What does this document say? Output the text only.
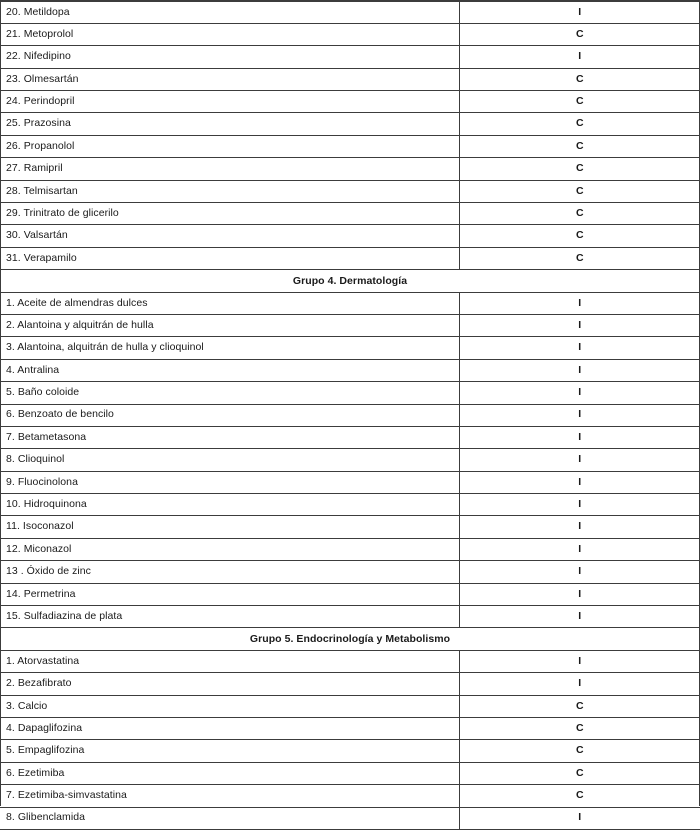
20. Metildopa	I
21. Metoprolol	C
22. Nifedipino	I
23. Olmesartán	C
24. Perindopril	C
25. Prazosina	C
26. Propanolol	C
27. Ramipril	C
28. Telmisartan	C
29. Trinitrato de glicerilo	C
30. Valsartán	C
31. Verapamilo	C
Grupo 4. Dermatología	
1. Aceite de almendras dulces	I
2. Alantoina y alquitrán de hulla	I
3. Alantoina, alquitrán de hulla y clioquinol	I
4. Antralina	I
5. Baño coloide	I
6. Benzoato de bencilo	I
7. Betametasona	I
8. Clioquinol	I
9. Fluocinolona	I
10. Hidroquinona	I
11. Isoconazol	I
12. Miconazol	I
13 . Óxido de zinc	I
14. Permetrina	I
15. Sulfadiazina de plata	I
Grupo 5. Endocrinología y Metabolismo	
1. Atorvastatina	I
2. Bezafibrato	I
3. Calcio	C
4. Dapaglifozina	C
5. Empaglifozina	C
6. Ezetimiba	C
7. Ezetimiba-simvastatina	C
8. Glibenclamida	I
